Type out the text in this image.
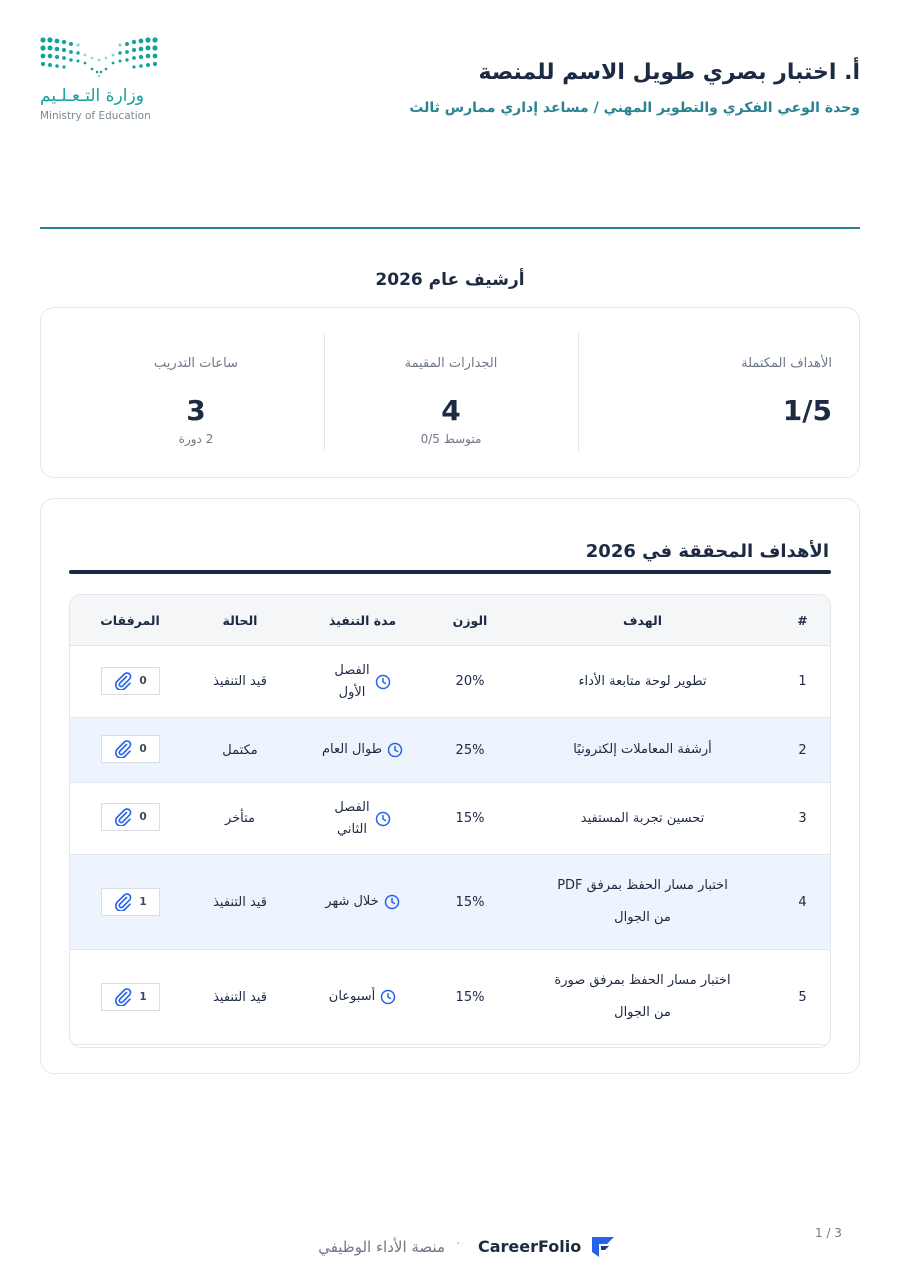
وزارة التـعـلـيم
Ministry of Education
أ. اختبار بصري طويل الاسم للمنصة
وحدة الوعي الفكري والتطوير المهني / مساعد إداري ممارس ثالث
أرشيف عام 2026
الأهداف المكتملة
1/5
الجدارات المقيمة
4
متوسط 0/5
ساعات التدريب
3
2 دورة
الأهداف المحققة في 2026
#
الهدف
الوزن
مدة التنفيذ
الحالة
المرفقات
1
تطوير لوحة متابعة الأداء
20%
الفصل
الأول
قيد التنفيذ
0
2
أرشفة المعاملات إلكترونيًا
25%
طوال العام
مكتمل
0
3
تحسين تجربة المستفيد
15%
الفصل
الثاني
متأخر
0
4
اختبار مسار الحفظ بمرفق PDF
من الجوال
15%
خلال شهر
قيد التنفيذ
1
5
اختبار مسار الحفظ بمرفق صورة
من الجوال
15%
أسبوعان
قيد التنفيذ
1
1 / 3
CareerFolio
·
منصة الأداء الوظيفي
